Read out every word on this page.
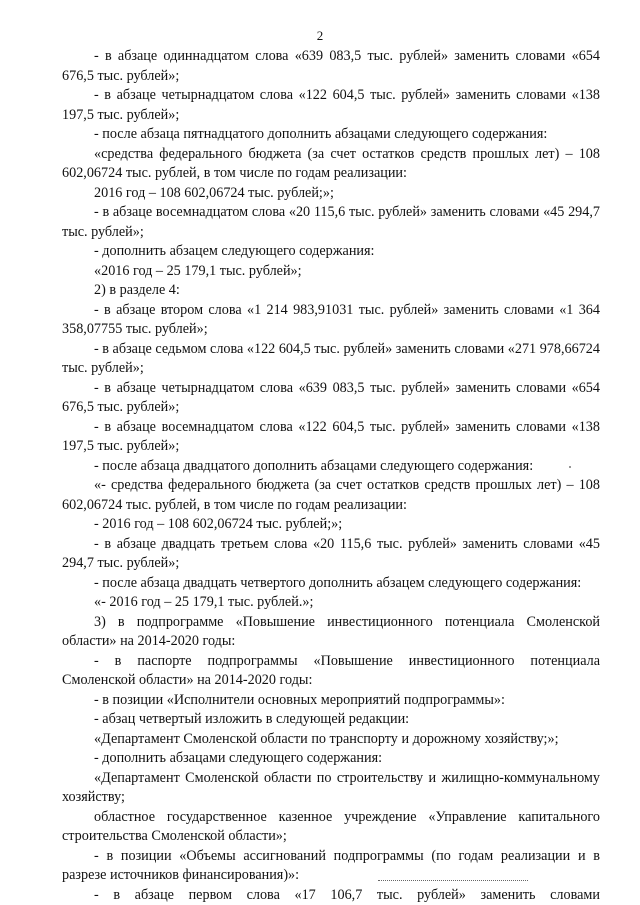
2

- в абзаце одиннадцатом слова «639 083,5 тыс. рублей» заменить словами «654 676,5 тыс. рублей»;

- в абзаце четырнадцатом слова «122 604,5 тыс. рублей» заменить словами «138 197,5 тыс. рублей»;

- после абзаца пятнадцатого дополнить абзацами следующего содержания:

«средства федерального бюджета (за счет остатков средств прошлых лет) – 108 602,06724 тыс. рублей, в том числе по годам реализации:

2016 год – 108 602,06724 тыс. рублей;»;

- в абзаце восемнадцатом слова «20 115,6 тыс. рублей» заменить словами «45 294,7 тыс. рублей»;

- дополнить абзацем следующего содержания:

«2016 год – 25 179,1 тыс. рублей»;

2) в разделе 4:

- в абзаце втором слова «1 214 983,91031 тыс. рублей» заменить словами «1 364 358,07755 тыс. рублей»;

- в абзаце седьмом слова «122 604,5 тыс. рублей» заменить словами «271 978,66724 тыс. рублей»;

- в абзаце четырнадцатом слова «639 083,5 тыс. рублей» заменить словами «654 676,5 тыс. рублей»;

- в абзаце восемнадцатом слова «122 604,5 тыс. рублей» заменить словами «138 197,5 тыс. рублей»;

- после абзаца двадцатого дополнить абзацами следующего содержания:

«- средства федерального бюджета (за счет остатков средств прошлых лет) – 108 602,06724 тыс. рублей, в том числе по годам реализации:

- 2016 год – 108 602,06724 тыс. рублей;»;

- в абзаце двадцать третьем слова «20 115,6 тыс. рублей» заменить словами «45 294,7 тыс. рублей»;

- после абзаца двадцать четвертого дополнить абзацем следующего содержания:

«- 2016 год – 25 179,1 тыс. рублей.»;

3) в подпрограмме «Повышение инвестиционного потенциала Смоленской области» на 2014-2020 годы:

- в паспорте подпрограммы «Повышение инвестиционного потенциала Смоленской области» на 2014-2020 годы:

- в позиции «Исполнители основных мероприятий подпрограммы»:

- абзац четвертый изложить в следующей редакции:

«Департамент Смоленской области по транспорту и дорожному хозяйству;»;

- дополнить абзацами следующего содержания:

«Департамент Смоленской области по строительству и жилищно-коммунальному хозяйству;

областное государственное казенное учреждение «Управление капитального строительства Смоленской области»;

- в позиции «Объемы ассигнований подпрограммы (по годам реализации и в разрезе источников финансирования)»:

- в абзаце первом слова «17 106,7 тыс. рублей» заменить словами
